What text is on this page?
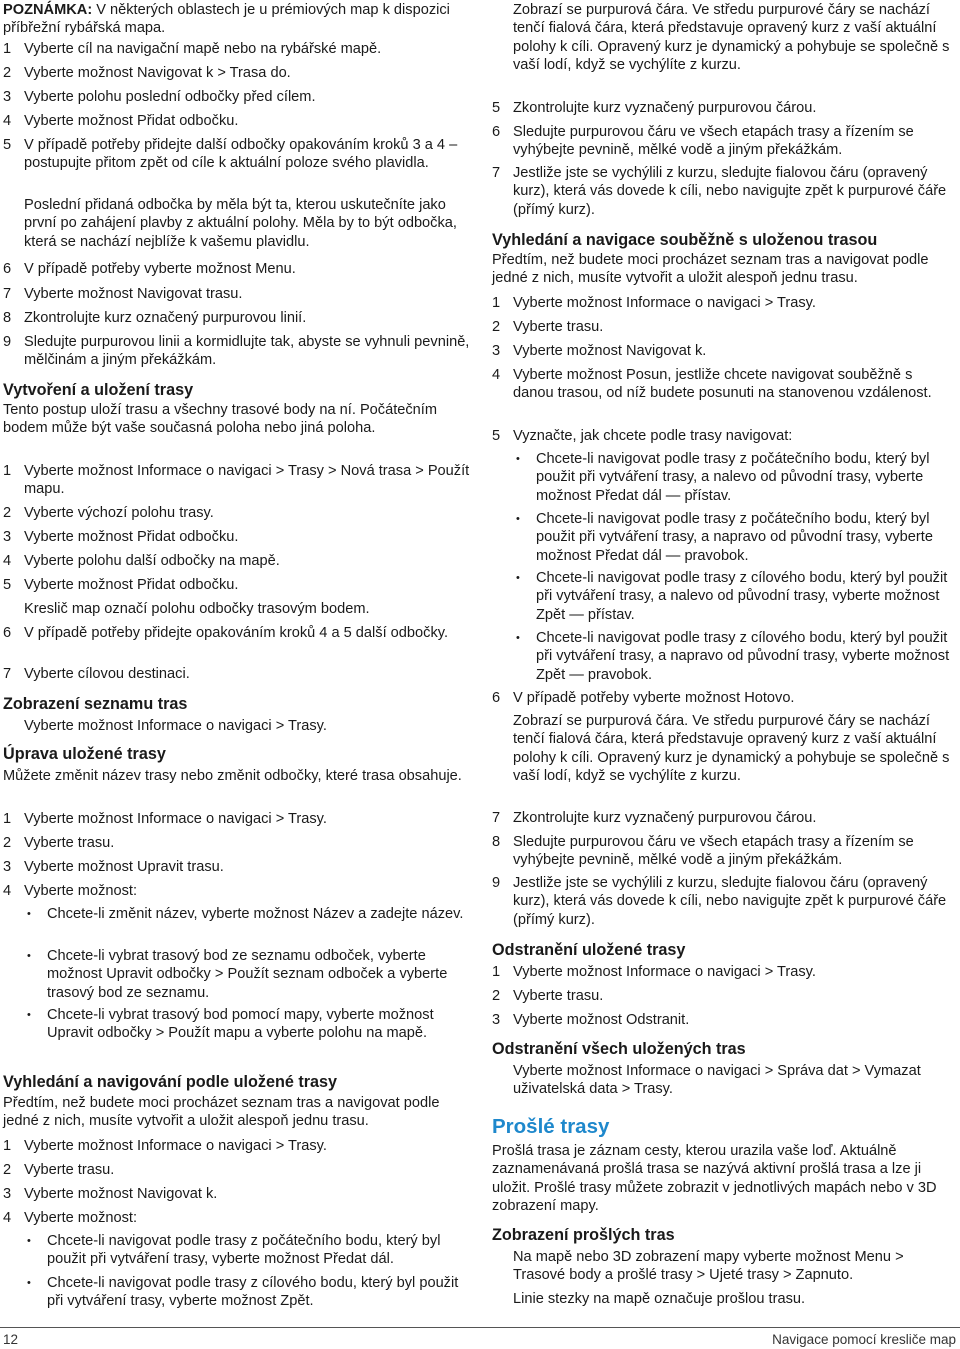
POZNÁMKA: V některých oblastech je u prémiových map k dispozici příbřežní rybářská mapa.
1 Vyberte cíl na navigační mapě nebo na rybářské mapě.
2 Vyberte možnost Navigovat k > Trasa do.
3 Vyberte polohu poslední odbočky před cílem.
4 Vyberte možnost Přidat odbočku.
5 V případě potřeby přidejte další odbočky opakováním kroků 3 a 4 – postupujte přitom zpět od cíle k aktuální poloze svého plavidla.
Poslední přidaná odbočka by měla být ta, kterou uskutečníte jako první po zahájení plavby z aktuální polohy. Měla by to být odbočka, která se nachází nejblíže k vašemu plavidlu.
6 V případě potřeby vyberte možnost Menu.
7 Vyberte možnost Navigovat trasu.
8 Zkontrolujte kurz označený purpurovou linií.
9 Sledujte purpurovou linii a kormidlujte tak, abyste se vyhnuli pevnině, mělčinám a jiným překážkám.
Vytvoření a uložení trasy
Tento postup uloží trasu a všechny trasové body na ní. Počátečním bodem může být vaše současná poloha nebo jiná poloha.
1 Vyberte možnost Informace o navigaci > Trasy > Nová trasa > Použít mapu.
2 Vyberte výchozí polohu trasy.
3 Vyberte možnost Přidat odbočku.
4 Vyberte polohu další odbočky na mapě.
5 Vyberte možnost Přidat odbočku.
Kreslič map označí polohu odbočky trasovým bodem.
6 V případě potřeby přidejte opakováním kroků 4 a 5 další odbočky.
7 Vyberte cílovou destinaci.
Zobrazení seznamu tras
Vyberte možnost Informace o navigaci > Trasy.
Úprava uložené trasy
Můžete změnit název trasy nebo změnit odbočky, které trasa obsahuje.
1 Vyberte možnost Informace o navigaci > Trasy.
2 Vyberte trasu.
3 Vyberte možnost Upravit trasu.
4 Vyberte možnost:
• Chcete-li změnit název, vyberte možnost Název a zadejte název.
• Chcete-li vybrat trasový bod ze seznamu odboček, vyberte možnost Upravit odbočky > Použít seznam odboček a vyberte trasový bod ze seznamu.
• Chcete-li vybrat trasový bod pomocí mapy, vyberte možnost Upravit odbočky > Použít mapu a vyberte polohu na mapě.
Vyhledání a navigování podle uložené trasy
Předtím, než budete moci procházet seznam tras a navigovat podle jedné z nich, musíte vytvořit a uložit alespoň jednu trasu.
1 Vyberte možnost Informace o navigaci > Trasy.
2 Vyberte trasu.
3 Vyberte možnost Navigovat k.
4 Vyberte možnost:
• Chcete-li navigovat podle trasy z počátečního bodu, který byl použit při vytváření trasy, vyberte možnost Předat dál.
• Chcete-li navigovat podle trasy z cílového bodu, který byl použit při vytváření trasy, vyberte možnost Zpět.
Zobrazí se purpurová čára. Ve středu purpurové čáry se nachází tenčí fialová čára, která představuje opravený kurz z vaší aktuální polohy k cíli. Opravený kurz je dynamický a pohybuje se společně s vaší lodí, když se vychýlíte z kurzu.
5 Zkontrolujte kurz vyznačený purpurovou čárou.
6 Sledujte purpurovou čáru ve všech etapách trasy a řízením se vyhýbejte pevnině, mělké vodě a jiným překážkám.
7 Jestliže jste se vychýlili z kurzu, sledujte fialovou čáru (opravený kurz), která vás dovede k cíli, nebo navigujte zpět k purpurové čáře (přímý kurz).
Vyhledání a navigace souběžně s uloženou trasou
Předtím, než budete moci procházet seznam tras a navigovat podle jedné z nich, musíte vytvořit a uložit alespoň jednu trasu.
1 Vyberte možnost Informace o navigaci > Trasy.
2 Vyberte trasu.
3 Vyberte možnost Navigovat k.
4 Vyberte možnost Posun, jestliže chcete navigovat souběžně s danou trasou, od níž budete posunuti na stanovenou vzdálenost.
5 Vyznačte, jak chcete podle trasy navigovat:
• Chcete-li navigovat podle trasy z počátečního bodu, který byl použit při vytváření trasy, a nalevo od původní trasy, vyberte možnost Předat dál — přístav.
• Chcete-li navigovat podle trasy z počátečního bodu, který byl použit při vytváření trasy, a napravo od původní trasy, vyberte možnost Předat dál — pravobok.
• Chcete-li navigovat podle trasy z cílového bodu, který byl použit při vytváření trasy, a nalevo od původní trasy, vyberte možnost Zpět — přístav.
• Chcete-li navigovat podle trasy z cílového bodu, který byl použit při vytváření trasy, a napravo od původní trasy, vyberte možnost Zpět — pravobok.
6 V případě potřeby vyberte možnost Hotovo.
Zobrazí se purpurová čára. Ve středu purpurové čáry se nachází tenčí fialová čára, která představuje opravený kurz z vaší aktuální polohy k cíli. Opravený kurz je dynamický a pohybuje se společně s vaší lodí, když se vychýlíte z kurzu.
7 Zkontrolujte kurz vyznačený purpurovou čárou.
8 Sledujte purpurovou čáru ve všech etapách trasy a řízením se vyhýbejte pevnině, mělké vodě a jiným překážkám.
9 Jestliže jste se vychýlili z kurzu, sledujte fialovou čáru (opravený kurz), která vás dovede k cíli, nebo navigujte zpět k purpurové čáře (přímý kurz).
Odstranění uložené trasy
1 Vyberte možnost Informace o navigaci > Trasy.
2 Vyberte trasu.
3 Vyberte možnost Odstranit.
Odstranění všech uložených tras
Vyberte možnost Informace o navigaci > Správa dat > Vymazat uživatelská data > Trasy.
Prošlé trasy
Prošlá trasa je záznam cesty, kterou urazila vaše loď. Aktuálně zaznamenávaná prošlá trasa se nazývá aktivní prošlá trasa a lze ji uložit. Prošlé trasy můžete zobrazit v jednotlivých mapách nebo v 3D zobrazení mapy.
Zobrazení prošlých tras
Na mapě nebo 3D zobrazení mapy vyberte možnost Menu > Trasové body a prošlé trasy > Ujeté trasy > Zapnuto.
Linie stezky na mapě označuje prošlou trasu.
12	Navigace pomocí kresliče map
